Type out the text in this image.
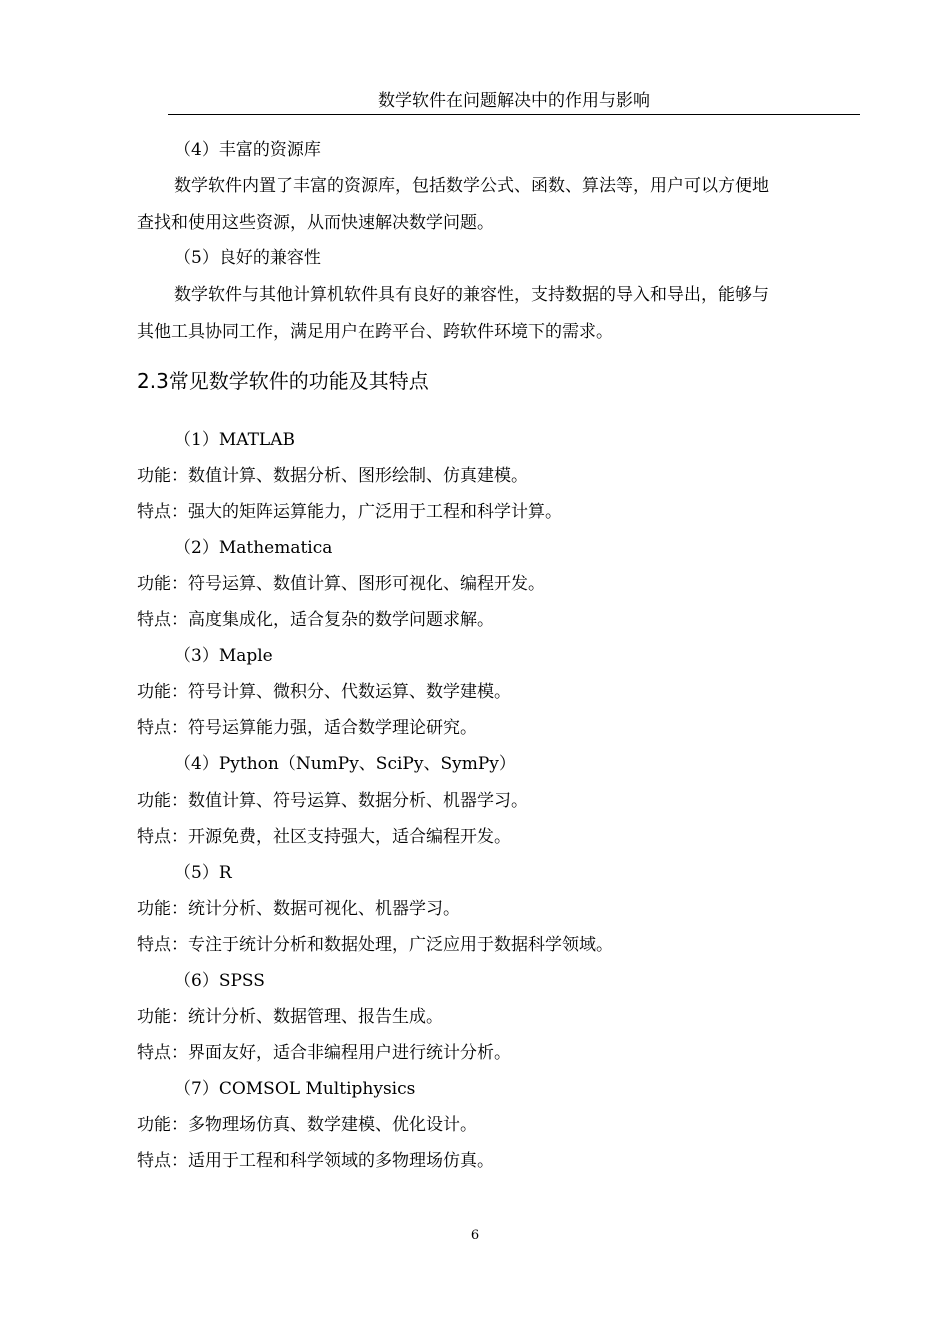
数学软件在问题解决中的作用与影响
（4）丰富的资源库
数学软件内置了丰富的资源库，包括数学公式、函数、算法等，用户可以方便地
查找和使用这些资源，从而快速解决数学问题。
（5）良好的兼容性
数学软件与其他计算机软件具有良好的兼容性，支持数据的导入和导出，能够与
其他工具协同工作，满足用户在跨平台、跨软件环境下的需求。
2.3常见数学软件的功能及其特点
（1）MATLAB
功能：数值计算、数据分析、图形绘制、仿真建模。
特点：强大的矩阵运算能力，广泛用于工程和科学计算。
（2）Mathematica
功能：符号运算、数值计算、图形可视化、编程开发。
特点：高度集成化，适合复杂的数学问题求解。
（3）Maple
功能：符号计算、微积分、代数运算、数学建模。
特点：符号运算能力强，适合数学理论研究。
（4）Python（NumPy、SciPy、SymPy）
功能：数值计算、符号运算、数据分析、机器学习。
特点：开源免费，社区支持强大，适合编程开发。
（5）R
功能：统计分析、数据可视化、机器学习。
特点：专注于统计分析和数据处理，广泛应用于数据科学领域。
（6）SPSS
功能：统计分析、数据管理、报告生成。
特点：界面友好，适合非编程用户进行统计分析。
（7）COMSOL Multiphysics
功能：多物理场仿真、数学建模、优化设计。
特点：适用于工程和科学领域的多物理场仿真。
6
